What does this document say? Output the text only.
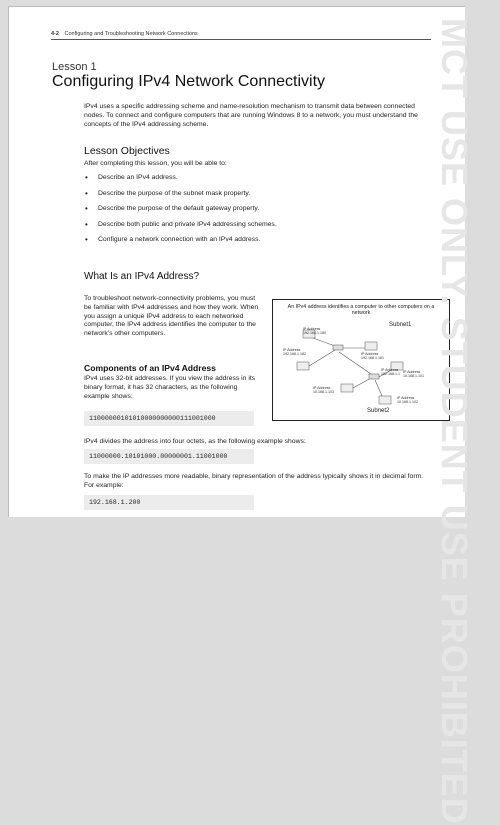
4-2 Configuring and Troubleshooting Network Connections
Lesson 1
Configuring IPv4 Network Connectivity
IPv4 uses a specific addressing scheme and name-resolution mechanism to transmit data between connected nodes. To connect and configure computers that are running Windows 8 to a network, you must understand the concepts of the IPv4 addressing scheme.
Lesson Objectives
After completing this lesson, you will be able to:
• Describe an IPv4 address.
• Describe the purpose of the subnet mask property.
• Describe the purpose of the default gateway property.
• Describe both public and private IPv4 addressing schemes.
• Configure a network connection with an IPv4 address.
What Is an IPv4 Address?
To troubleshoot network-connectivity problems, you must be familiar with IPv4 addresses and how they work. When you assign a unique IPv4 address to each networked computer, the IPv4 address identifies the computer to the network's other computers.
Components of an IPv4 Address
IPv4 uses 32-bit addresses. If you view the address in its binary format, it has 32 characters, as the following example shows:
11000000101010000000000111001000
IPv4 divides the address into four octets, as the following example shows:
11000000.10101000.00000001.11001000
To make the IP addresses more readable, binary representation of the address typically shows it in decimal form. For example:
192.168.1.200
An IPv4 address identifies a computer to other computers on a network
Subnet1
Subnet2
IP Address
192.168.1.180
IP Address
192.168.1.182	IP Address
192.168.1.181
IP Address
192.168.1.1
IP Address
10.168.1.101
IP Address
10.168.1.103
IP Address
10.168.1.102 MCT USE ONLY. STUDENT USE PROHIBITED
